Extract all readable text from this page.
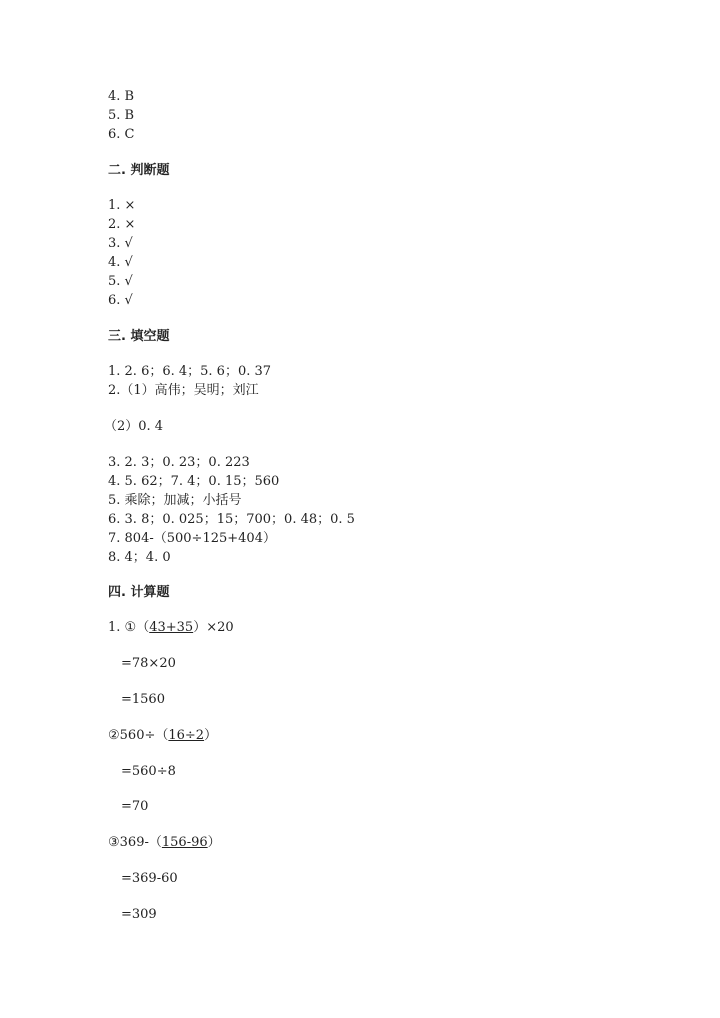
4. B
5. B
6. C
二. 判断题
1. ×
2. ×
3. √
4. √
5. √
6. √
三. 填空题
1. 2. 6；6. 4；5. 6；0. 37
2.（1）高伟；吴明；刘江
（2）0. 4
3. 2. 3；0. 23；0. 223
4. 5. 62；7. 4；0. 15；560
5. 乘除；加减；小括号
6. 3. 8；0. 025；15；700；0. 48；0. 5
7. 804-（500÷125+404）
8. 4；4. 0
四. 计算题
1. ①（43+35）×20
=78×20
=1560
②560÷（16÷2）
=560÷8
=70
③369-（156-96）
=369-60
=309
